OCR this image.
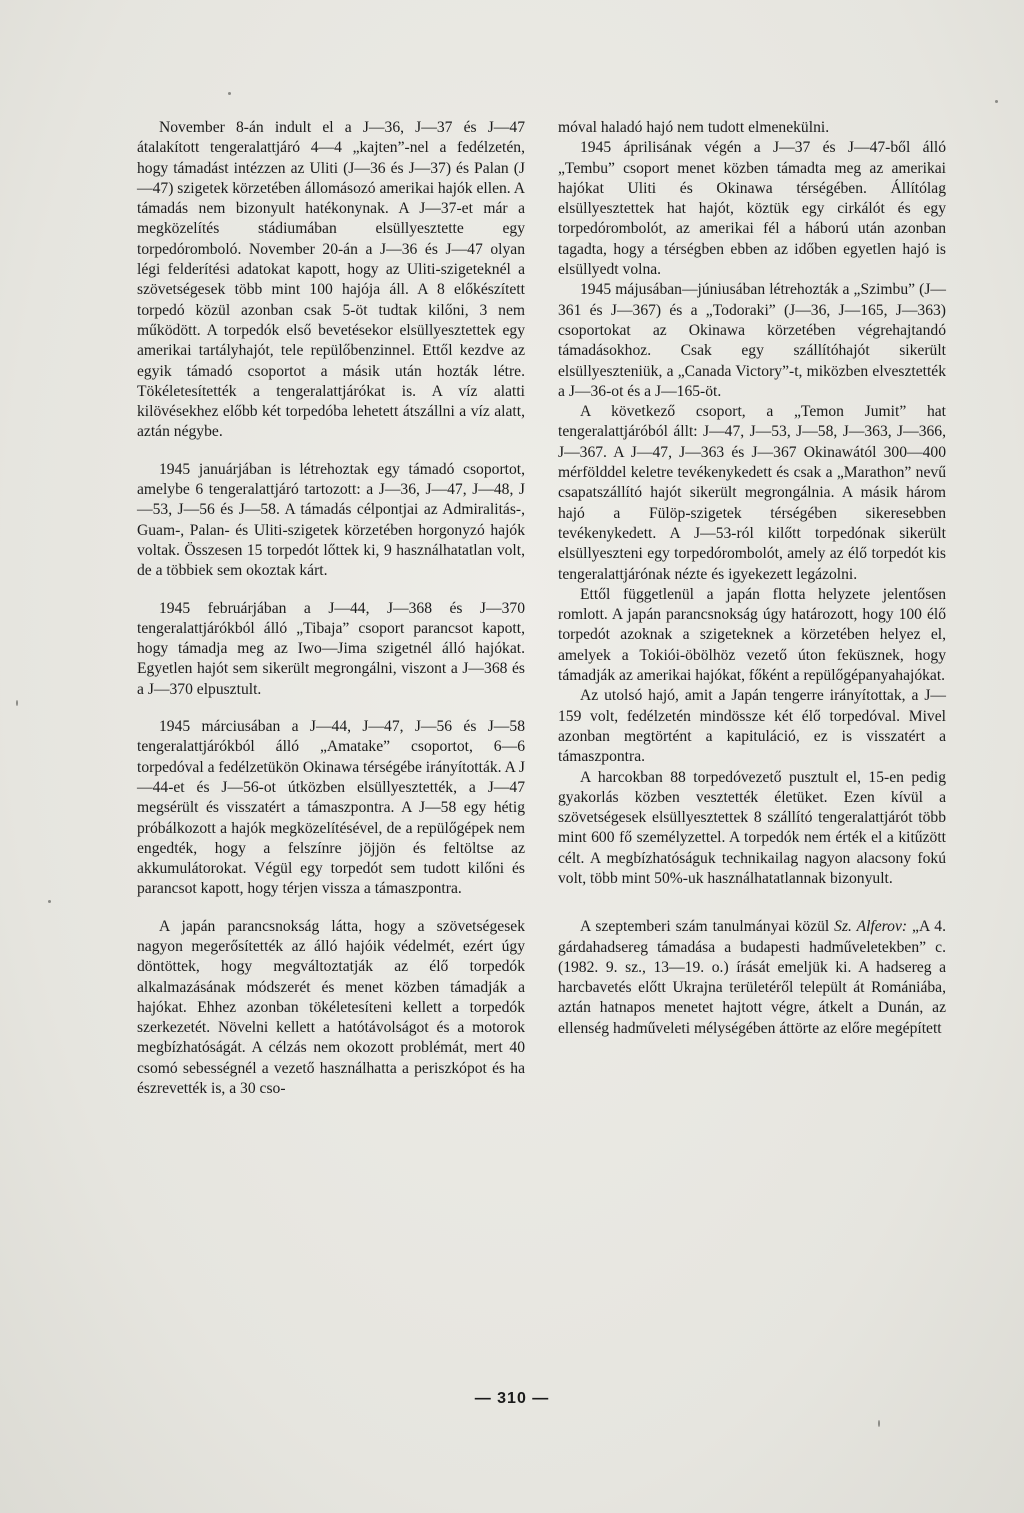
November 8-án indult el a J—36, J—37 és J—47 átalakított tengeralattjáró 4—4 „kajten”-nel a fedélzetén, hogy támadást intézzen az Uliti (J—36 és J—37) és Palan (J—47) szigetek körzetében állomásozó amerikai hajók ellen. A támadás nem bizonyult hatékonynak. A J—37-et már a megközelítés stádiumában elsüllyesztette egy torpedóromboló. November 20-án a J—36 és J—47 olyan légi felderítési adatokat kapott, hogy az Uliti-szigeteknél a szövetségesek több mint 100 hajója áll. A 8 előkészített torpedó közül azonban csak 5-öt tudtak kilőni, 3 nem működött. A torpedók első bevetésekor elsüllyesztettek egy amerikai tartályhajót, tele repülőbenzinnel. Ettől kezdve az egyik támadó csoportot a másik után hozták létre. Tökéletesítették a tengeralattjárókat is. A víz alatti kilövésekhez előbb két torpedóba lehetett átszállni a víz alatt, aztán négybe.

1945 januárjában is létrehoztak egy támadó csoportot, amelybe 6 tengeralattjáró tartozott: a J—36, J—47, J—48, J—53, J—56 és J—58. A támadás célpontjai az Admiralitás-, Guam-, Palan- és Uliti-szigetek körzetében horgonyzó hajók voltak. Összesen 15 torpedót lőttek ki, 9 használhatatlan volt, de a többiek sem okoztak kárt.

1945 februárjában a J—44, J—368 és J—370 tengeralattjárókból álló „Tibaja” csoport parancsot kapott, hogy támadja meg az Iwo—Jima szigetnél álló hajókat. Egyetlen hajót sem sikerült megrongálni, viszont a J—368 és a J—370 elpusztult.

1945 márciusában a J—44, J—47, J—56 és J—58 tengeralattjárókból álló „Amatake” csoportot, 6—6 torpedóval a fedélzetükön Okinawa térségébe irányították. A J—44-et és J—56-ot útközben elsüllyesztették, a J—47 megsérült és visszatért a támaszpontra. A J—58 egy hétig próbálkozott a hajók megközelítésével, de a repülőgépek nem engedték, hogy a felszínre jöjjön és feltöltse az akkumulátorokat. Végül egy torpedót sem tudott kilőni és parancsot kapott, hogy térjen vissza a támaszpontra.

A japán parancsnokság látta, hogy a szövetségesek nagyon megerősítették az álló hajóik védelmét, ezért úgy döntöttek, hogy megváltoztatják az élő torpedók alkalmazásának módszerét és menet közben támadják a hajókat. Ehhez azonban tökéletesíteni kellett a torpedók szerkezetét. Növelni kellett a hatótávolságot és a motorok megbízhatóságát. A célzás nem okozott problémát, mert 40 csomó sebességnél a vezető használhatta a periszkópot és ha észrevették is, a 30 cso-

móval haladó hajó nem tudott elmenekülni.

1945 áprilisának végén a J—37 és J—47-ből álló „Tembu” csoport menet közben támadta meg az amerikai hajókat Uliti és Okinawa térségében. Állítólag elsüllyesztettek hat hajót, köztük egy cirkálót és egy torpedórombolót, az amerikai fél a háború után azonban tagadta, hogy a térségben ebben az időben egyetlen hajó is elsüllyedt volna.

1945 májusában—júniusában létrehozták a „Szimbu” (J—361 és J—367) és a „Todoraki” (J—36, J—165, J—363) csoportokat az Okinawa körzetében végrehajtandó támadásokhoz. Csak egy szállítóhajót sikerült elsüllyeszteniük, a „Canada Victory”-t, miközben elvesztették a J—36-ot és a J—165-öt.

A következő csoport, a „Temon Jumit” hat tengeralattjáróból állt: J—47, J—53, J—58, J—363, J—366, J—367. A J—47, J—363 és J—367 Okinawától 300—400 mérfölddel keletre tevékenykedett és csak a „Marathon” nevű csapatszállító hajót sikerült megrongálnia. A másik három hajó a Fülöp-szigetek térségében sikeresebben tevékenykedett. A J—53-ról kilőtt torpedónak sikerült elsüllyeszteni egy torpedórombolót, amely az élő torpedót kis tengeralattjárónak nézte és igyekezett legázolni.

Ettől függetlenül a japán flotta helyzete jelentősen romlott. A japán parancsnokság úgy határozott, hogy 100 élő torpedót azoknak a szigeteknek a körzetében helyez el, amelyek a Tokiói-öbölhöz vezető úton feküsznek, hogy támadják az amerikai hajókat, főként a repülőgépanyahajókat.

Az utolsó hajó, amit a Japán tengerre irányítottak, a J—159 volt, fedélzetén mindössze két élő torpedóval. Mivel azonban megtörtént a kapituláció, ez is visszatért a támaszpontra.

A harcokban 88 torpedóvezető pusztult el, 15-en pedig gyakorlás közben vesztették életüket. Ezen kívül a szövetségesek elsüllyesztettek 8 szállító tengeralattjárót több mint 600 fő személyzettel. A torpedók nem érték el a kitűzött célt. A megbízhatóságuk technikailag nagyon alacsony fokú volt, több mint 50%-uk használhatatlannak bizonyult.

A szeptemberi szám tanulmányai közül Sz. Alferov: „A 4. gárdahadsereg támadása a budapesti hadműveletekben” c. (1982. 9. sz., 13—19. o.) írását emeljük ki. A hadsereg a harcbavetés előtt Ukrajna területéről települt át Romániába, aztán hatnapos menetet hajtott végre, átkelt a Dunán, az ellenség hadműveleti mélységében áttörte az előre megépített

— 310 —
